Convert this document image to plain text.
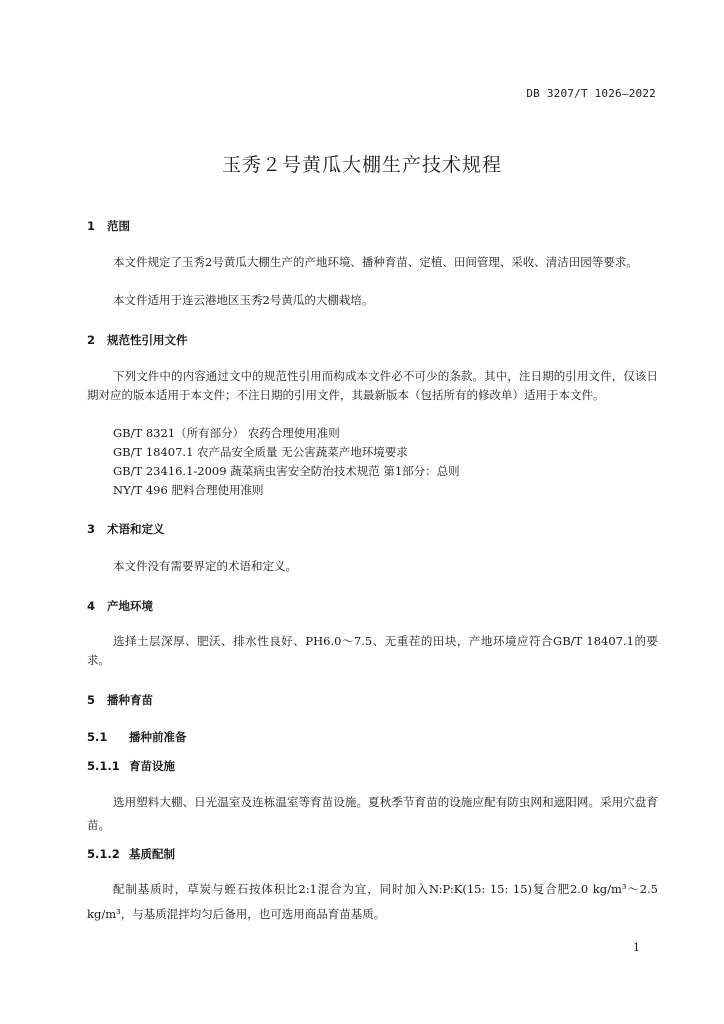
DB 3207/T 1026—2022
玉秀２号黄瓜大棚生产技术规程
1 范围
本文件规定了玉秀2号黄瓜大棚生产的产地环境、播种育苗、定植、田间管理、采收、清洁田园等要求。
本文件适用于连云港地区玉秀2号黄瓜的大棚栽培。
2 规范性引用文件
下列文件中的内容通过文中的规范性引用而构成本文件必不可少的条款。其中，注日期的引用文件，仅该日期对应的版本适用于本文件；不注日期的引用文件，其最新版本（包括所有的修改单）适用于本文件。
GB/T 8321（所有部分） 农药合理使用准则
GB/T 18407.1 农产品安全质量 无公害蔬菜产地环境要求
GB/T 23416.1-2009 蔬菜病虫害安全防治技术规范 第1部分：总则
NY/T 496 肥料合理使用准则
3 术语和定义
本文件没有需要界定的术语和定义。
4 产地环境
选择土层深厚、肥沃、排水性良好、PH6.0～7.5、无重茬的田块，产地环境应符合GB/T 18407.1的要求。
5 播种育苗
5.1 播种前准备
5.1.1 育苗设施
选用塑料大棚、日光温室及连栋温室等育苗设施。夏秋季节育苗的设施应配有防虫网和遮阳网。采用穴盘育苗。
5.1.2 基质配制
配制基质时，草炭与蛭石按体积比2:1混合为宜，同时加入N:P:K(15: 15: 15)复合肥2.0 kg/m³～2.5 kg/m³，与基质混拌均匀后备用，也可选用商品育苗基质。
1
